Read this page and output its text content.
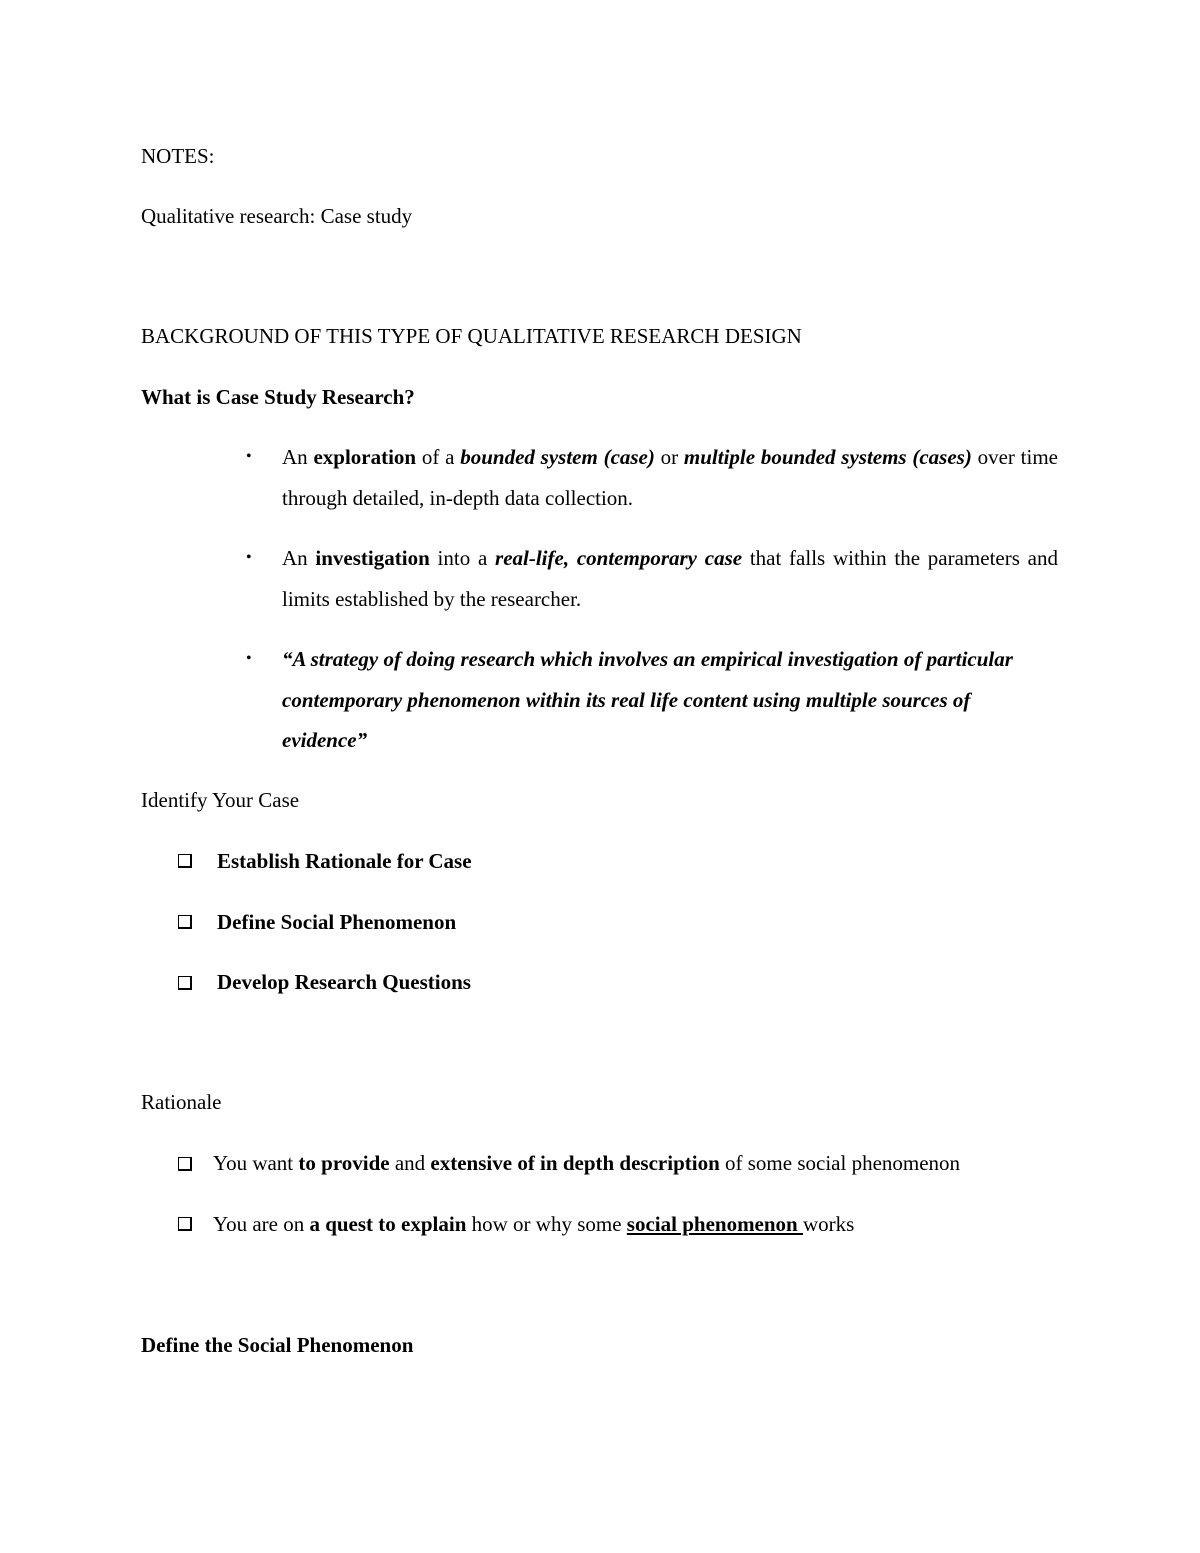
NOTES:
Qualitative research: Case study
BACKGROUND OF THIS TYPE OF QUALITATIVE RESEARCH DESIGN
What is Case Study Research?
• An exploration of a bounded system (case) or multiple bounded systems (cases) over time through detailed, in-depth data collection.
• An investigation into a real-life, contemporary case that falls within the parameters and limits established by the researcher.
• “A strategy of doing research which involves an empirical investigation of particular contemporary phenomenon within its real life content using multiple sources of evidence”
Identify Your Case
Establish Rationale for Case
Define Social Phenomenon
Develop Research Questions
Rationale
You want to provide and extensive of in depth description of some social phenomenon
You are on a quest to explain how or why some social phenomenon works
Define the Social Phenomenon
